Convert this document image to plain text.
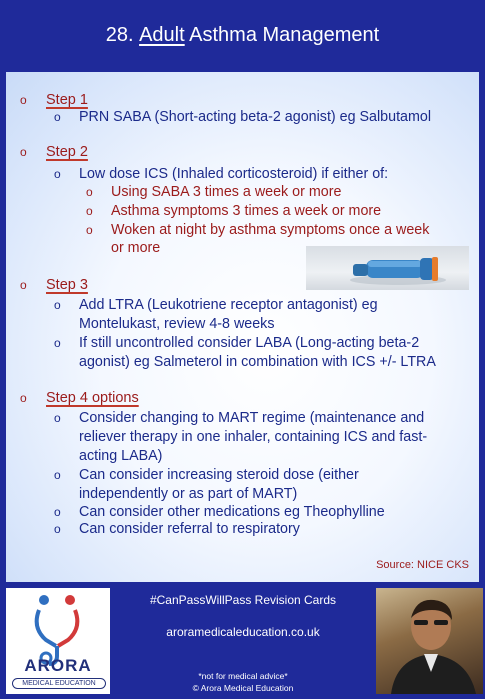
28. Adult Asthma Management
o	Step 1
o PRN SABA (Short-acting beta-2 agonist) eg Salbutamol
o	Step 2
o Low dose ICS (Inhaled corticosteroid) if either of:
o Using SABA 3 times a week or more
o Asthma symptoms 3 times a week or more
o Woken at night by asthma symptoms once a week
or more
o	Step 3
o Add LTRA (Leukotriene receptor antagonist) eg
Montelukast, review 4-8 weeks
o If still uncontrolled consider LABA (Long-acting beta-2
agonist) eg Salmeterol in combination with ICS +/- LTRA
o	Step 4 options
o Consider changing to MART regime (maintenance and
reliever therapy in one inhaler, containing ICS and fast-
acting LABA)
o Can consider increasing steroid dose (either
independently or as part of MART)
o Can consider other medications eg Theophylline
o Can consider referral to respiratory
Source: NICE CKS
ARORA
MEDICAL EDUCATION
#CanPassWillPass Revision Cards
aroramedicaleducation.co.uk
*not for medical advice*
© Arora Medical Education
